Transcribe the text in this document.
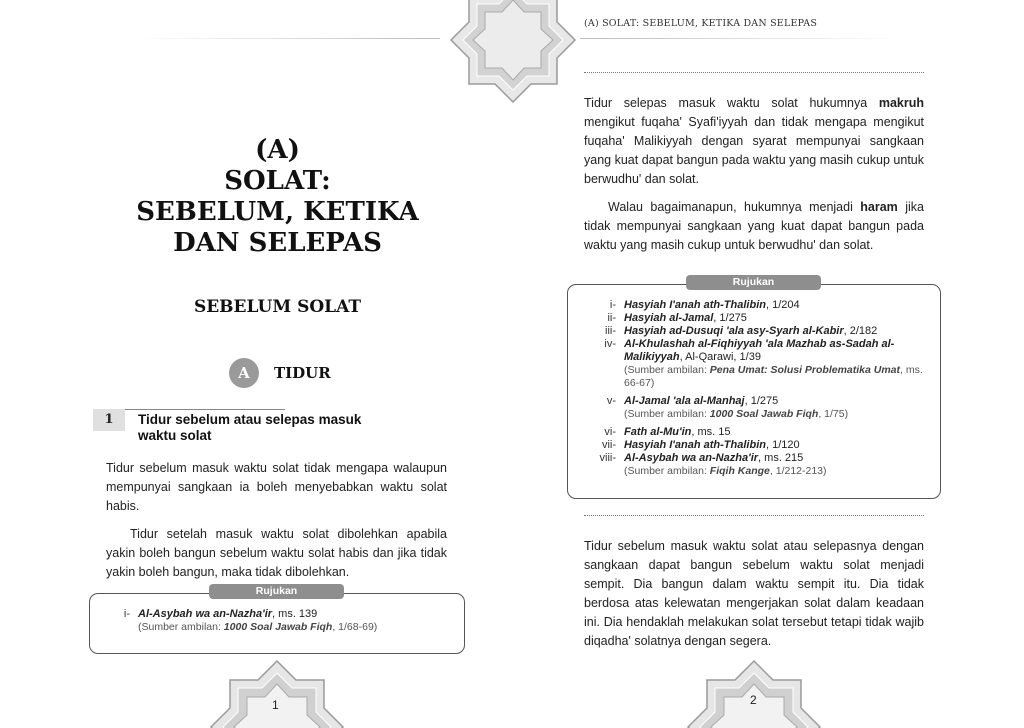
(A) SOLAT: SEBELUM, KETIKA DAN SELEPAS
(A)
SOLAT:
SEBELUM, KETIKA
DAN SELEPAS
SEBELUM SOLAT
A	TIDUR
1	Tidur sebelum atau selepas masuk waktu solat

Tidur sebelum masuk waktu solat tidak mengapa walaupun mempunyai sangkaan ia boleh menyebabkan waktu solat habis.

Tidur setelah masuk waktu solat dibolehkan apabila yakin boleh bangun sebelum waktu solat habis dan jika tidak yakin boleh bangun, maka tidak dibolehkan.

Rujukan
i- Al-Asybah wa an-Nazha'ir, ms. 139
(Sumber ambilan: 1000 Soal Jawab Fiqh, 1/68-69)
1

Tidur selepas masuk waktu solat hukumnya makruh mengikut fuqaha' Syafi'iyyah dan tidak mengapa mengikut fuqaha' Malikiyyah dengan syarat mempunyai sangkaan yang kuat dapat bangun pada waktu yang masih cukup untuk berwudhu' dan solat.

Walau bagaimanapun, hukumnya menjadi haram jika tidak mempunyai sangkaan yang kuat dapat bangun pada waktu yang masih cukup untuk berwudhu' dan solat.

Rujukan
i- Hasyiah I'anah ath-Thalibin, 1/204
ii- Hasyiah al-Jamal, 1/275
iii- Hasyiah ad-Dusuqi 'ala asy-Syarh al-Kabir, 2/182
iv- Al-Khulashah al-Fiqhiyyah 'ala Mazhab as-Sadah al-Malikiyyah, Al-Qarawi, 1/39
(Sumber ambilan: Pena Umat: Solusi Problematika Umat, ms. 66-67)
v- Al-Jamal 'ala al-Manhaj, 1/275
(Sumber ambilan: 1000 Soal Jawab Fiqh, 1/75)
vi- Fath al-Mu'in, ms. 15
vii- Hasyiah I'anah ath-Thalibin, 1/120
viii- Al-Asybah wa an-Nazha'ir, ms. 215
(Sumber ambilan: Fiqih Kange, 1/212-213)

Tidur sebelum masuk waktu solat atau selepasnya dengan sangkaan dapat bangun sebelum waktu solat menjadi sempit. Dia bangun dalam waktu sempit itu. Dia tidak berdosa atas kelewatan mengerjakan solat dalam keadaan ini. Dia hendaklah melakukan solat tersebut tetapi tidak wajib diqadha' solatnya dengan segera.

2
